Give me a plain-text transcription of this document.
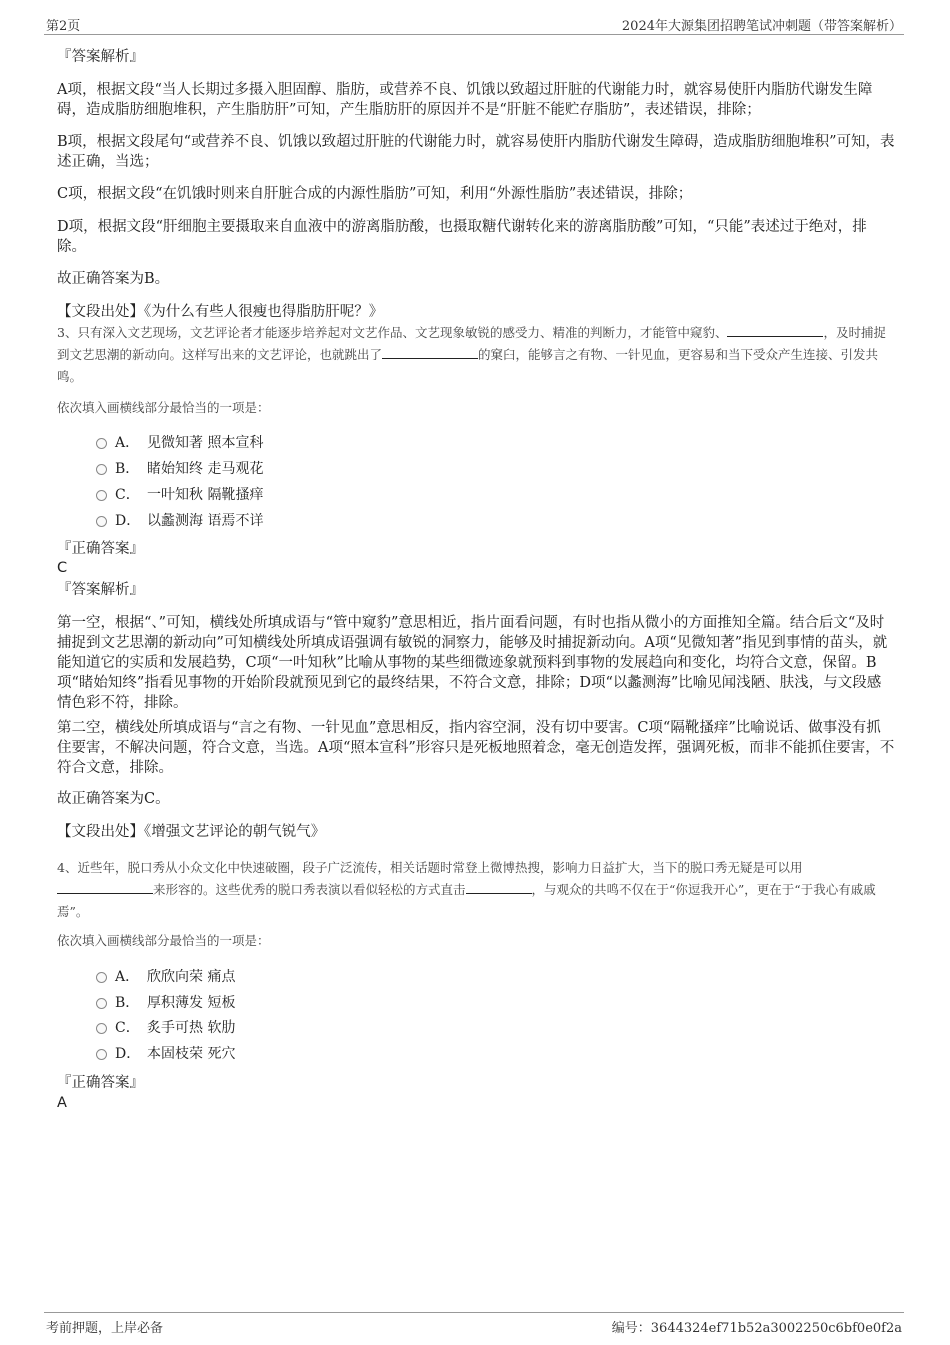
第2页	2024年大源集团招聘笔试冲刺题（带答案解析）
『答案解析』
A项，根据文段“当人长期过多摄入胆固醇、脂肪，或营养不良、饥饿以致超过肝脏的代谢能力时，就容易使肝内脂肪代谢发生障碍，造成脂肪细胞堆积，产生脂肪肝”可知，产生脂肪肝的原因并不是“肝脏不能贮存脂肪”，表述错误，排除；
B项，根据文段尾句“或营养不良、饥饿以致超过肝脏的代谢能力时，就容易使肝内脂肪代谢发生障碍，造成脂肪细胞堆积”可知，表述正确，当选；
C项，根据文段“在饥饿时则来自肝脏合成的内源性脂肪”可知，利用“外源性脂肪”表述错误，排除；
D项，根据文段“肝细胞主要摄取来自血液中的游离脂肪酸，也摄取糖代谢转化来的游离脂肪酸”可知，“只能”表述过于绝对，排除。
故正确答案为B。
【文段出处】《为什么有些人很瘦也得脂肪肝呢？》
3、只有深入文艺现场，文艺评论者才能逐步培养起对文艺作品、文艺现象敏锐的感受力、精准的判断力，才能管中窥豹、	，及时捕捉到文艺思潮的新动向。这样写出来的文艺评论，也就跳出了	的窠臼，能够言之有物、一针见血，更容易和当下受众产生连接、引发共鸣。
依次填入画横线部分最恰当的一项是：
A． 见微知著 照本宣科
B． 睹始知终 走马观花
C． 一叶知秋 隔靴搔痒
D． 以蠡测海 语焉不详
『正确答案』
C
『答案解析』
第一空，根据“、”可知，横线处所填成语与“管中窥豹”意思相近，指片面看问题，有时也指从微小的方面推知全篇。结合后文“及时捕捉到文艺思潮的新动向”可知横线处所填成语强调有敏锐的洞察力，能够及时捕捉新动向。A项“见微知著”指见到事情的苗头，就能知道它的实质和发展趋势，C项“一叶知秋”比喻从事物的某些细微迹象就预料到事物的发展趋向和变化，均符合文意，保留。B项“睹始知终”指看见事物的开始阶段就预见到它的最终结果，不符合文意，排除；D项“以蠡测海”比喻见闻浅陋、肤浅，与文段感情色彩不符，排除。
第二空，横线处所填成语与“言之有物、一针见血”意思相反，指内容空洞，没有切中要害。C项“隔靴搔痒”比喻说话、做事没有抓住要害，不解决问题，符合文意，当选。A项“照本宣科”形容只是死板地照着念，毫无创造发挥，强调死板，而非不能抓住要害，不符合文意，排除。
故正确答案为C。
【文段出处】《增强文艺评论的朝气锐气》
4、近些年，脱口秀从小众文化中快速破圈，段子广泛流传，相关话题时常登上微博热搜，影响力日益扩大，当下的脱口秀无疑是可以用来形容的。这些优秀的脱口秀表演以看似轻松的方式直击	，与观众的共鸣不仅在于“你逗我开心”，更在于“于我心有戚戚焉”。
依次填入画横线部分最恰当的一项是：
A． 欣欣向荣 痛点
B． 厚积薄发 短板
C． 炙手可热 软肋
D． 本固枝荣 死穴
『正确答案』
A
考前押题，上岸必备	编号：3644324ef71b52a3002250c6bf0e0f2a
